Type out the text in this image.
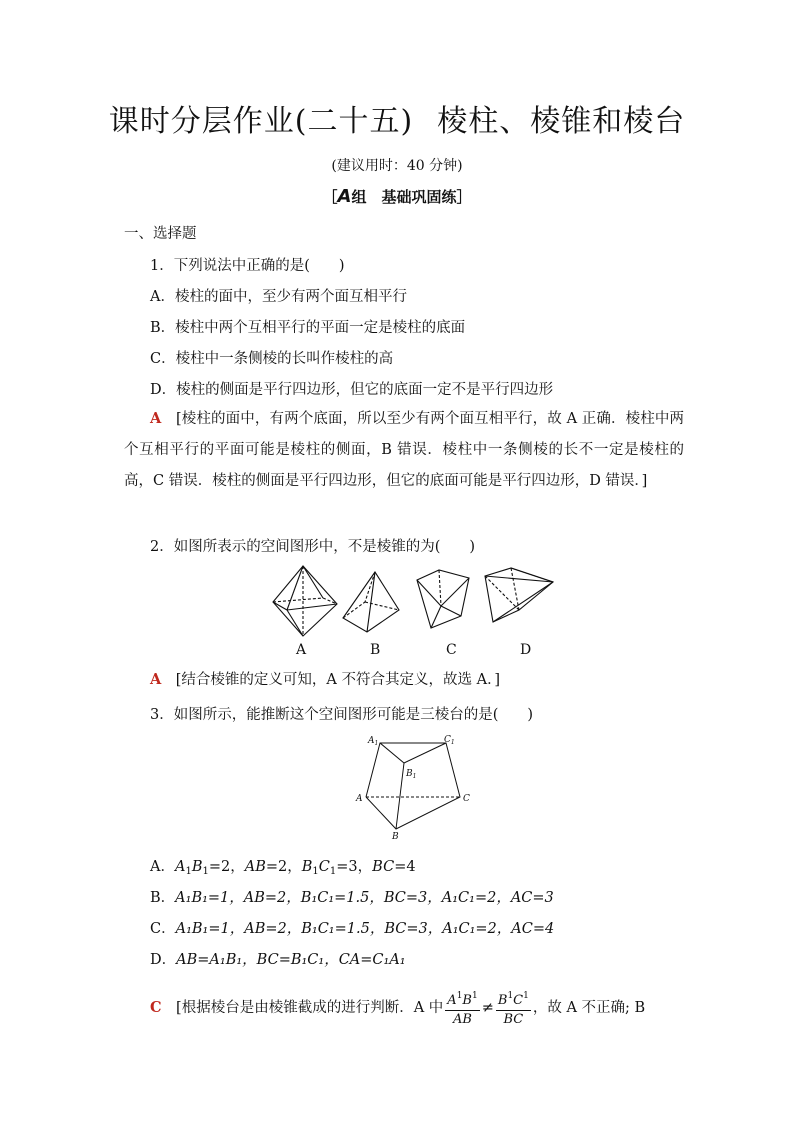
课时分层作业(二十五) 棱柱、棱锥和棱台
(建议用时：40 分钟)
［A组　基础巩固练］
一、选择题
1．下列说法中正确的是(　　)
A．棱柱的面中，至少有两个面互相平行
B．棱柱中两个互相平行的平面一定是棱柱的底面
C．棱柱中一条侧棱的长叫作棱柱的高
D．棱柱的侧面是平行四边形，但它的底面一定不是平行四边形
A　 [棱柱的面中，有两个底面，所以至少有两个面互相平行，故 A 正确．棱柱中两个互相平行的平面可能是棱柱的侧面，B 错误．棱柱中一条侧棱的长不一定是棱柱的高，C 错误．棱柱的侧面是平行四边形，但它的底面可能是平行四边形，D 错误．]
2．如图所表示的空间图形中，不是棱锥的为(　　)
A	B	C	D
A　 [结合棱锥的定义可知，A 不符合其定义，故选 A．]
3．如图所示，能推断这个空间图形可能是三棱台的是(　　)
$A_1$	$C_1$
$B_1$
A	C
B
A．$A_1B_1=2$，AB=2，$B_1C_1=3$，BC=4
B．A₁B₁=1，AB=2，B₁C₁=1.5，BC=3，A₁C₁=2，AC=3
C．A₁B₁=1，AB=2，B₁C₁=1.5，BC=3，A₁C₁=2，AC=4
D．AB=A₁B₁，BC=B₁C₁，CA=C₁A₁
C　 [根据棱台是由棱锥截成的进行判断．A 中 $\frac{A^1B^1}{AB} \ne \frac{B^1C^1}{BC}$ ，故 A 不正确; B
